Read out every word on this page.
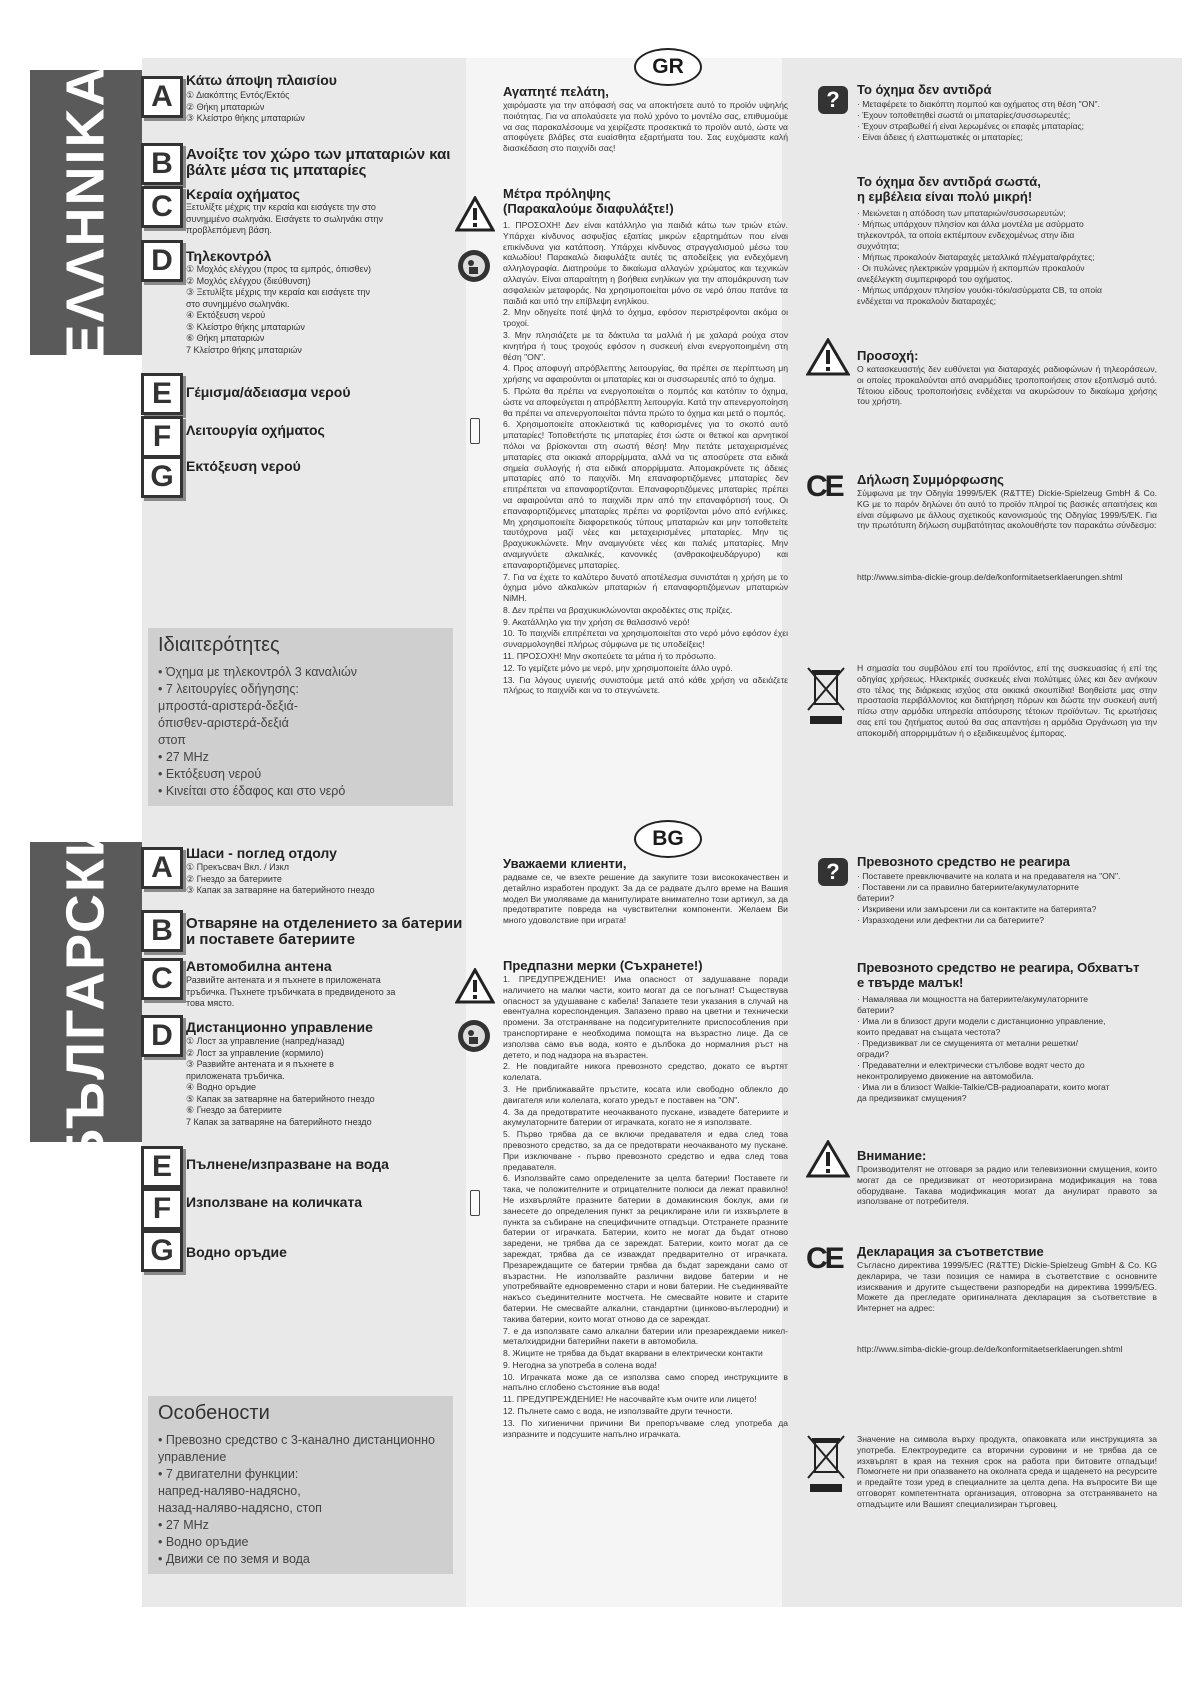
ΕΛΛΗΝΙΚΑ	GR
A Κάτω άποψη πλαισίου
① Διακόπτης Εντός/Εκτός
② Θήκη μπαταριών
③ Κλείστρο θήκης μπαταριών
B Ανοίξτε τον χώρο των μπαταριών και
βάλτε μέσα τις μπαταρίες
C Κεραία οχήματος
Ξετυλίξτε μέχρις την κεραία και εισάγετε την στο
συνημμένο σωληνάκι. Εισάγετε το σωληνάκι στην
προβλεπόμενη βάση.
D Τηλεκοντρόλ
① Μοχλός ελέγχου (προς τα εμπρός, όπισθεν)
② Μοχλός ελέγχου (διεύθυνση)
③ Ξετυλίξτε μέχρις την κεραία και εισάγετε την
στο συνημμένο σωληνάκι.
④ Εκτόξευση νερού
⑤ Κλείστρο θήκης μπαταριών
⑥ Θήκη μπαταριών
7 Κλείστρο θήκης μπαταριών
E	Γέμισμα/άδειασμα νερού
F	Λειτουργία οχήματος
G Εκτόξευση νερού
Ιδιαιτερότητες
• Όχημα με τηλεκοντρόλ 3 καναλιών
• 7 λειτουργίες οδήγησης:
μπροστά-αριστερά-δεξιά-
όπισθεν-αριστερά-δεξιά
στοπ
• 27 MHz
• Εκτόξευση νερού
• Κινείται στο έδαφος και στο νερό
Αγαπητέ πελάτη,
χαιρόμαστε για την απόφασή σας να αποκτήσετε αυτό το προϊόν υψηλής ποιότητας. Για να απολαύσετε για πολύ χρόνο το μοντέλο σας, επιθυμούμε να σας παρακαλέσουμε να χειρίζεστε προσεκτικά το προϊόν αυτό, ώστε να αποφύγετε βλάβες στα ευαίσθητα εξαρτήματα του. Σας ευχόμαστε καλή διασκέδαση στο παιχνίδι σας!
Μέτρα πρόληψης
(Παρακαλούμε διαφυλάξτε!)

1. ΠΡΟΣΟΧΗ! Δεν είναι κατάλληλο για παιδιά κάτω των τριών ετών. Υπάρχει κίνδυνος ασφυξίας εξαιτίας μικρών εξαρτημάτων που είναι επικίνδυνα για κατάποση. Υπάρχει κίνδυνος στραγγαλισμού μέσω του καλωδίου! Παρακαλώ διαφυλάξτε αυτές τις αποδείξεις για ενδεχόμενη αλληλογραφία. Διατηρούμε το δικαίωμα αλλαγών χρώματος και τεχνικών αλλαγών. Είναι απαραίτητη η βοήθεια ενηλίκων για την απομάκρυνση των ασφαλειών μεταφοράς. Να χρησιμοποιείται μόνο σε νερό όπου πατάνε τα παιδιά και υπό την επίβλεψη ενηλίκου.

2. Μην οδηγείτε ποτέ ψηλά το όχημα, εφόσον περιστρέφονται ακόμα οι τροχοί.

3. Μην πλησιάζετε με τα δάκτυλα τα μαλλιά ή με χαλαρά ρούχα στον κινητήρα ή τους τροχούς εφόσον η συσκευή είναι ενεργοποιημένη στη θέση "ON".

4. Προς αποφυγή απρόβλεπτης λειτουργίας, θα πρέπει σε περίπτωση μη χρήσης να αφαιρούνται οι μπαταρίες και οι συσσωρευτές από το όχημα.

5. Πρώτα θα πρέπει να ενεργοποιείται ο πομπός και κατόπιν το όχημα, ώστε να αποφεύγεται η απρόβλεπτη λειτουργία. Κατά την απενεργοποίηση θα πρέπει να απενεργοποιείται πάντα πρώτο το όχημα και μετά ο πομπός.

6. Χρησιμοποιείτε αποκλειστικά τις καθορισμένες για το σκοπό αυτό μπαταρίες! Τοποθετήστε τις μπαταρίες έτσι ώστε οι θετικοί και αρνητικοί πόλοι να βρίσκονται στη σωστή θέση! Μην πετάτε μεταχειρισμένες μπαταρίες στα οικιακά απορρίμματα, αλλά να τις αποσύρετε στα ειδικά σημεία συλλογής ή στα ειδικά απορρίμματα. Απομακρύνετε τις άδειες μπαταρίες από το παιχνίδι. Μη επαναφορτιζόμενες μπαταρίες δεν επιτρέπεται να επαναφορτίζονται. Επαναφορτιζόμενες μπαταρίες πρέπει να αφαιρούνται από το παιχνίδι πριν από την επαναφόρτισή τους. Οι επαναφορτιζόμενες μπαταρίες πρέπει να φορτίζονται μόνο από ενήλικες. Μη χρησιμοποιείτε διαφορετικούς τύπους μπαταριών και μην τοποθετείτε ταυτόχρονα μαζί νέες και μεταχειρισμένες μπαταρίες. Μην τις βραχυκυκλώνετε. Μην αναμιγνύετε νέες και παλιές μπαταρίες. Μην αναμιγνύετε αλκαλικές, κανονικές (ανθρακοψευδάργυρο) και επαναφορτιζόμενες μπαταρίες.

7. Για να έχετε το καλύτερο δυνατό αποτέλεσμα συνιστάται η χρήση με το όχημα μόνο αλκαλικών μπαταριών ή επαναφορτιζόμενων μπαταριών NiMH.

8. Δεν πρέπει να βραχυκυκλώνονται ακροδέκτες στις πρίζες.

9. Ακατάλληλο για την χρήση σε θαλασσινό νερό!

10. Το παιχνίδι επιτρέπεται να χρησιμοποιείται στο νερό μόνο εφόσον έχει συναρμολογηθεί πλήρως σύμφωνα με τις υποδείξεις!

11. ΠΡΟΣΟΧΗ! Μην σκοπεύετε τα μάτια ή το πρόσωπο.

12. Το γεμίζετε μόνο με νερό, μην χρησιμοποιείτε άλλο υγρό.

13. Για λόγους υγιεινής συνιστούμε μετά από κάθε χρήση να αδειάζετε πλήρως το παιχνίδι και να το στεγνώνετε.

?	Το όχημα δεν αντιδρά
· Μεταφέρετε το διακόπτη πομπού και οχήματος στη θέση "ON".
· Έχουν τοποθετηθεί σωστά οι μπαταρίες/συσσωρευτές;
· Έχουν στραβωθεί ή είναι λερωμένες οι επαφές μπαταρίας;
· Είναι άδειες ή ελαττωματικές οι μπαταρίες;
Το όχημα δεν αντιδρά σωστά,
η εμβέλεια είναι πολύ μικρή!
· Μειώνεται η απόδοση των μπαταριών/συσσωρευτών;
· Μήπως υπάρχουν πλησίον και άλλα μοντέλα με ασύρματο
τηλεκοντρόλ, τα οποία εκπέμπουν ενδεχομένως στην ίδια
συχνότητα;
· Μήπως προκαλούν διαταραχές μεταλλικά πλέγματα/φράχτες;
· Οι πυλώνες ηλεκτρικών γραμμών ή εκπομπών προκαλούν
ανεξέλεγκτη συμπεριφορά του οχήματος.
· Μήπως υπάρχουν πλησίον γουόκι-τόκι/ασύρματα CB, τα οποία
ενδέχεται να προκαλούν διαταραχές;
Προσοχή:
Ο κατασκευαστής δεν ευθύνεται για διαταραχές ραδιοφώνων ή τηλεοράσεων, οι οποίες προκαλούνται από αναρμόδιες τροποποιήσεις στον εξοπλισμό αυτό. Τέτοιου είδους τροποποιήσεις ενδέχεται να ακυρώσουν το δικαίωμα χρήσης του χρήστη.
CE Δήλωση Συμμόρφωσης
Σύμφωνα με την Οδηγία 1999/5/ΕΚ (R&TTE) Dickie-Spielzeug GmbH & Co. KG με το παρόν δηλώνει ότι αυτό το προϊόν πληροί τις βασικές απαιτήσεις και είναι σύμφωνο με άλλους σχετικούς κανονισμούς της Οδηγίας 1999/5/ΕΚ. Για την πρωτότυπη δήλωση συμβατότητας ακολουθήστε τον παρακάτω σύνδεσμο:
http://www.simba-dickie-group.de/de/konformitaetserklaerungen.shtml
Η σημασία του συμβόλου επί του προϊόντος, επί της συσκευασίας ή επί της οδηγίας χρήσεως. Ηλεκτρικές συσκευές είναι πολύτιμες ύλες και δεν ανήκουν στο τέλος της διάρκειας ισχύος στα οικιακά σκουπίδια! Βοηθείστε μας στην προστασία περιβάλλοντος και διατήρηση πόρων και δώστε την συσκευή αυτή πίσω στην αρμόδια υπηρεσία απόσυρσης τέτοιων προϊόντων. Τις ερωτήσεις σας επί του ζητήματος αυτού θα σας απαντήσει η αρμόδια Οργάνωση για την αποκομιδή απορριμμάτων ή ο εξειδικευμένος έμπορας.
БЪЛГАРСКИ	BG
A Шаси - поглед отдолу
① Прекъсвач Вкл. / Изкл
② Гнездо за батериите
③ Капак за затваряне на батерийното гнездо
B Отваряне на отделението за батерии
и поставете батериите
C Автомобилна антена
Развийте антената и я пъхнете в приложената
тръбичка. Пъхнете тръбичката в предвиденото за
това място.
D Дистанционно управление
① Лост за управление (напред/назад)
② Лост за управление (кормило)
③ Развийте антената и я пъхнете в
приложената тръбичка.
④ Водно оръдие
⑤ Капак за затваряне на батерийното гнездо
⑥ Гнездо за батериите
7 Капак за затваряне на батерийното гнездо
E	Пълнене/изпразване на вода
F	Използване на количката
G Водно оръдие
Особености
• Превозно средство с 3-канално дистанционно
управление
• 7 двигателни функции:
напред-наляво-надясно,
назад-наляво-надясно, стоп
• 27 MHz
• Водно оръдие
• Движи се по земя и вода
Уважаеми клиенти,
радваме се, че взехте решение да закупите този висококачествен и детайлно изработен продукт. За да се радвате дълго време на Вашия модел Ви умоляваме да манипулирате внимателно този артикул, за да предотвратите повреда на чувствителни компоненти. Желаем Ви много удоволствие при играта!
Предпазни мерки (Съхранете!)

1. ПРЕДУПРЕЖДЕНИЕ! Има опасност от задушаване поради наличието на малки части, които могат да се погълнат! Съществува опасност за удушаване с кабела! Запазете тези указания в случай на евентуална кореспонденция. Запазено право на цветни и технически промени. За отстраняване на подсигурителните приспособления при транспортиране е необходима помощта на възрастно лице. Да се използва само във вода, която е дълбока до нормалния ръст на детето, и под надзора на възрастен.

2. Не повдигайте никога превозното средство, докато се въртят колелата.

3. Не приближавайте пръстите, косата или свободно облекло до двигателя или колелата, когато уредът е поставен на "ON".

4. За да предотвратите неочакваното пускане, извадете батериите и акумулаторните батерии от играчката, когато не я използвате.

5. Първо трябва да се включи предавателя и едва след това превозното средство, за да се предотврати неочакваното му пускане. При изключване - първо превозното средство и едва след това предавателя.

6. Използвайте само определените за целта батерии! Поставете ги така, че положителните и отрицателните полюси да лежат правилно! Не изхвърляйте празните батерии в домакинския боклук, ами ги занесете до определения пункт за рециклиране или ги изхвърлете в пункта за събиране на специфичните отпадъци. Отстранете празните батерии от играчката. Батерии, които не могат да бъдат отново заредени, не трябва да се зареждат. Батерии, които могат да се зареждат, трябва да се изваждат предварително от играчката. Презареждащите се батерии трябва да бъдат зареждани само от възрастни. Не използвайте различни видове батерии и не употребявайте едновременно стари и нови батерии. Не съединявайте накъсо съединителните мостчета. Не смесвайте новите и старите батерии. Не смесвайте алкални, стандартни (цинково-въглеродни) и такива батерии, които могат отново да се зареждат.

7. е да използвате само алкални батерии или презареждаеми никел-металхидридни батерийни пакети в автомобила.

8. Жиците не трябва да бъдат вкарвани в електрически контакти

9. Негодна за употреба в солена вода!

10. Играчката може да се използва само според инструкциите в напълно сглобено състояние във вода!

11. ПРЕДУПРЕЖДЕНИЕ! Не насочвайте към очите или лицето!

12. Пълнете само с вода, не използвайте други течности.

13. По хигиенични причини Ви препоръчваме след употреба да изпразните и подсушите напълно играчката.

?	Превозното средство не реагира
· Поставете превключвачите на колата и на предавателя на "ON".
· Поставени ли са правилно батериите/акумулаторните
батерии?
· Изкривени или замърсени ли са контактите на батерията?
· Изразходени или дефектни ли са батериите?
Превозното средство не реагира, Обхватът
е твърде малък!
· Намаляваа ли мощността на батериите/акумулаторните
батерии?
· Има ли в близост други модели с дистанционно управление,
които предават на същата честота?
· Предизвикват ли се смущенията от метални решетки/
огради?
· Предавателни и електрически стълбове водят често до
неконтролируемо движение на автомобила.
· Има ли в близост Walkie-Talkie/CB-радиоапарати, които могат
да предизвикат смущения?
Внимание:
Производителят не отговаря за радио или телевизионни смущения, които могат да се предизвикат от неоторизирана модификация на това оборудване. Такава модификация могат да анулират правото за използване от потребителя.
CE Декларация за съответствие
Съгласно директива 1999/5/EC (R&TTE) Dickie-Spielzeug GmbH & Co. KG декларира, че тази позиция се намира в съответствие с основните изисквания и другите съществени разпоредби на директива 1999/5/EG. Можете да прегледате оригиналната декларация за съответствие в Интернет на адрес:
http://www.simba-dickie-group.de/de/konformitaetserklaerungen.shtml
Значение на символа върху продукта, опаковката или инструкцията за употреба. Електроуредите са вторични суровини и не трябва да се изхвърлят в края на техния срок на работа при битовите отпадъци! Помогнете ни при опазването на околната среда и щаденето на ресурсите и предайте този уред в специалните за целта депа. На въпросите Ви ще отговорят компетентната организация, отговорна за отстраняването на отпадъците или Вашият специализиран търговец.
